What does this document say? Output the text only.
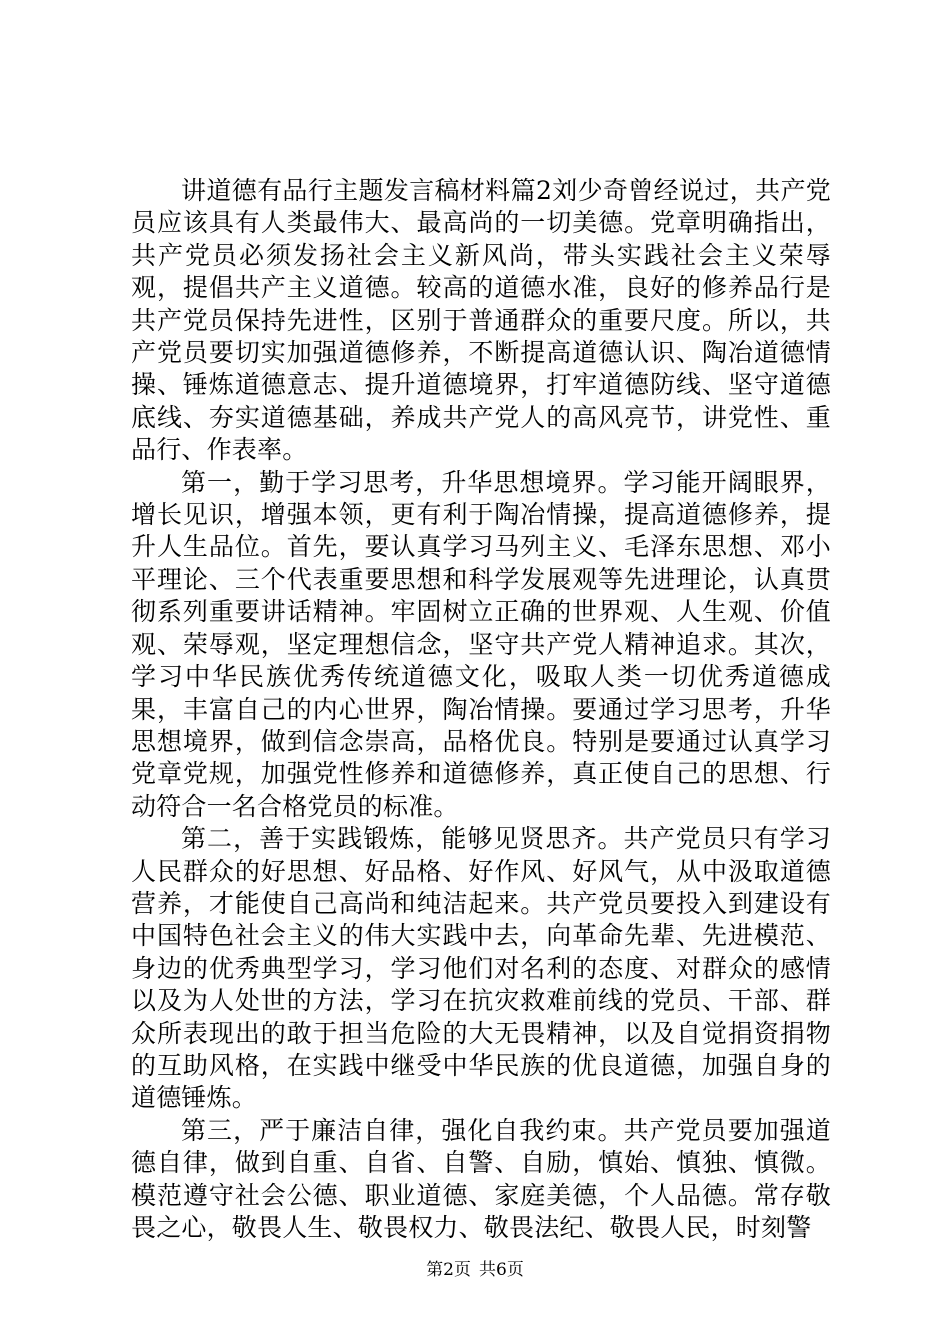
讲道德有品行主题发言稿材料篇2刘少奇曾经说过，共产党员应该具有人类最伟大、最高尚的一切美德。党章明确指出，共产党员必须发扬社会主义新风尚，带头实践社会主义荣辱观，提倡共产主义道德。较高的道德水准，良好的修养品行是共产党员保持先进性，区别于普通群众的重要尺度。所以，共产党员要切实加强道德修养，不断提高道德认识、陶冶道德情操、锤炼道德意志、提升道德境界，打牢道德防线、坚守道德底线、夯实道德基础，养成共产党人的高风亮节，讲党性、重品行、作表率。

第一，勤于学习思考，升华思想境界。学习能开阔眼界，增长见识，增强本领，更有利于陶冶情操，提高道德修养，提升人生品位。首先，要认真学习马列主义、毛泽东思想、邓小平理论、三个代表重要思想和科学发展观等先进理论，认真贯彻系列重要讲话精神。牢固树立正确的世界观、人生观、价值观、荣辱观，坚定理想信念，坚守共产党人精神追求。其次，学习中华民族优秀传统道德文化，吸取人类一切优秀道德成果，丰富自己的内心世界，陶冶情操。要通过学习思考，升华思想境界，做到信念崇高，品格优良。特别是要通过认真学习党章党规，加强党性修养和道德修养，真正使自己的思想、行动符合一名合格党员的标准。

第二，善于实践锻炼，能够见贤思齐。共产党员只有学习人民群众的好思想、好品格、好作风、好风气，从中汲取道德营养，才能使自己高尚和纯洁起来。共产党员要投入到建设有中国特色社会主义的伟大实践中去，向革命先辈、先进模范、身边的优秀典型学习，学习他们对名利的态度、对群众的感情以及为人处世的方法，学习在抗灾救难前线的党员、干部、群众所表现出的敢于担当危险的大无畏精神，以及自觉捐资捐物的互助风格，在实践中继受中华民族的优良道德，加强自身的道德锤炼。

第三，严于廉洁自律，强化自我约束。共产党员要加强道德自律，做到自重、自省、自警、自励，慎始、慎独、慎微。模范遵守社会公德、职业道德、家庭美德，个人品德。常存敬畏之心，敬畏人生、敬畏权力、敬畏法纪、敬畏人民，时刻警

第2页 共6页
